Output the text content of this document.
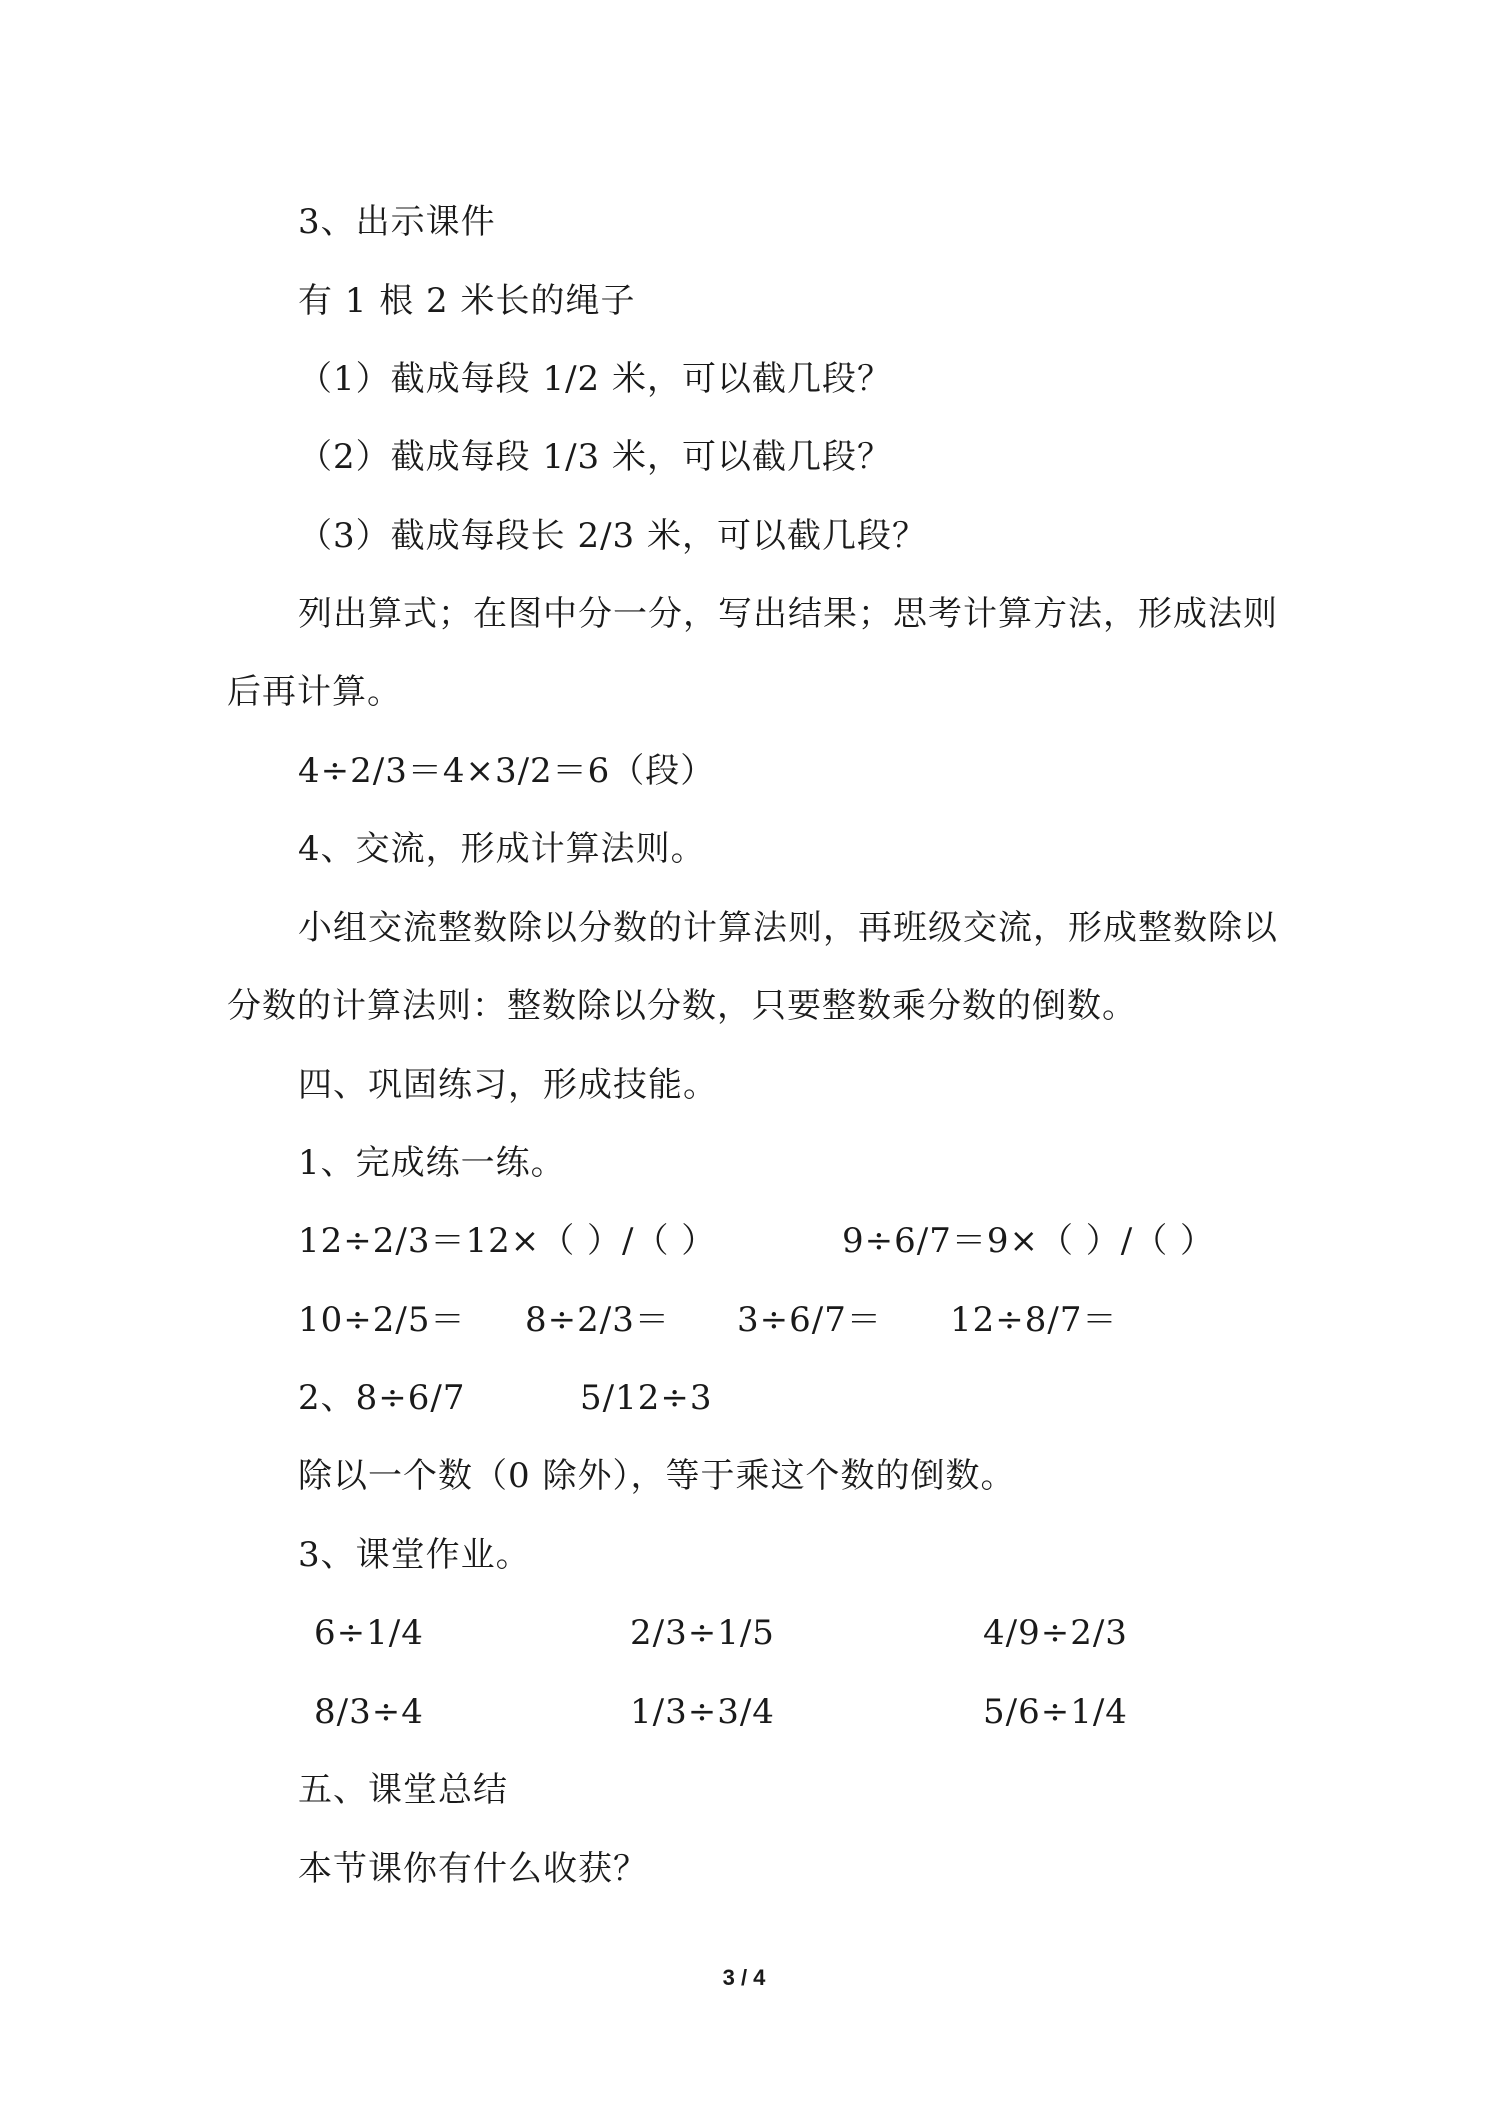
3、出示课件
有 1 根 2 米长的绳子
（1）截成每段 1/2 米，可以截几段？
（2）截成每段 1/3 米，可以截几段？
（3）截成每段长 2/3 米，可以截几段？
列出算式；在图中分一分，写出结果；思考计算方法，形成法则
后再计算。
4÷2/3＝4×3/2＝6（段）
4、交流，形成计算法则。
小组交流整数除以分数的计算法则，再班级交流，形成整数除以
分数的计算法则：整数除以分数，只要整数乘分数的倒数。
四、巩固练习，形成技能。
1、完成练一练。
12÷2/3＝12×（ ）/（ ）	9÷6/7＝9×（ ）/（ ）
10÷2/5＝ 8÷2/3＝ 3÷6/7＝ 12÷8/7＝
2、8÷6/7	5/12÷3
除以一个数（0 除外），等于乘这个数的倒数。
3、课堂作业。
6÷1/4	2/3÷1/5	4/9÷2/3
8/3÷4	1/3÷3/4	5/6÷1/4
五、课堂总结
本节课你有什么收获？
3 / 4
